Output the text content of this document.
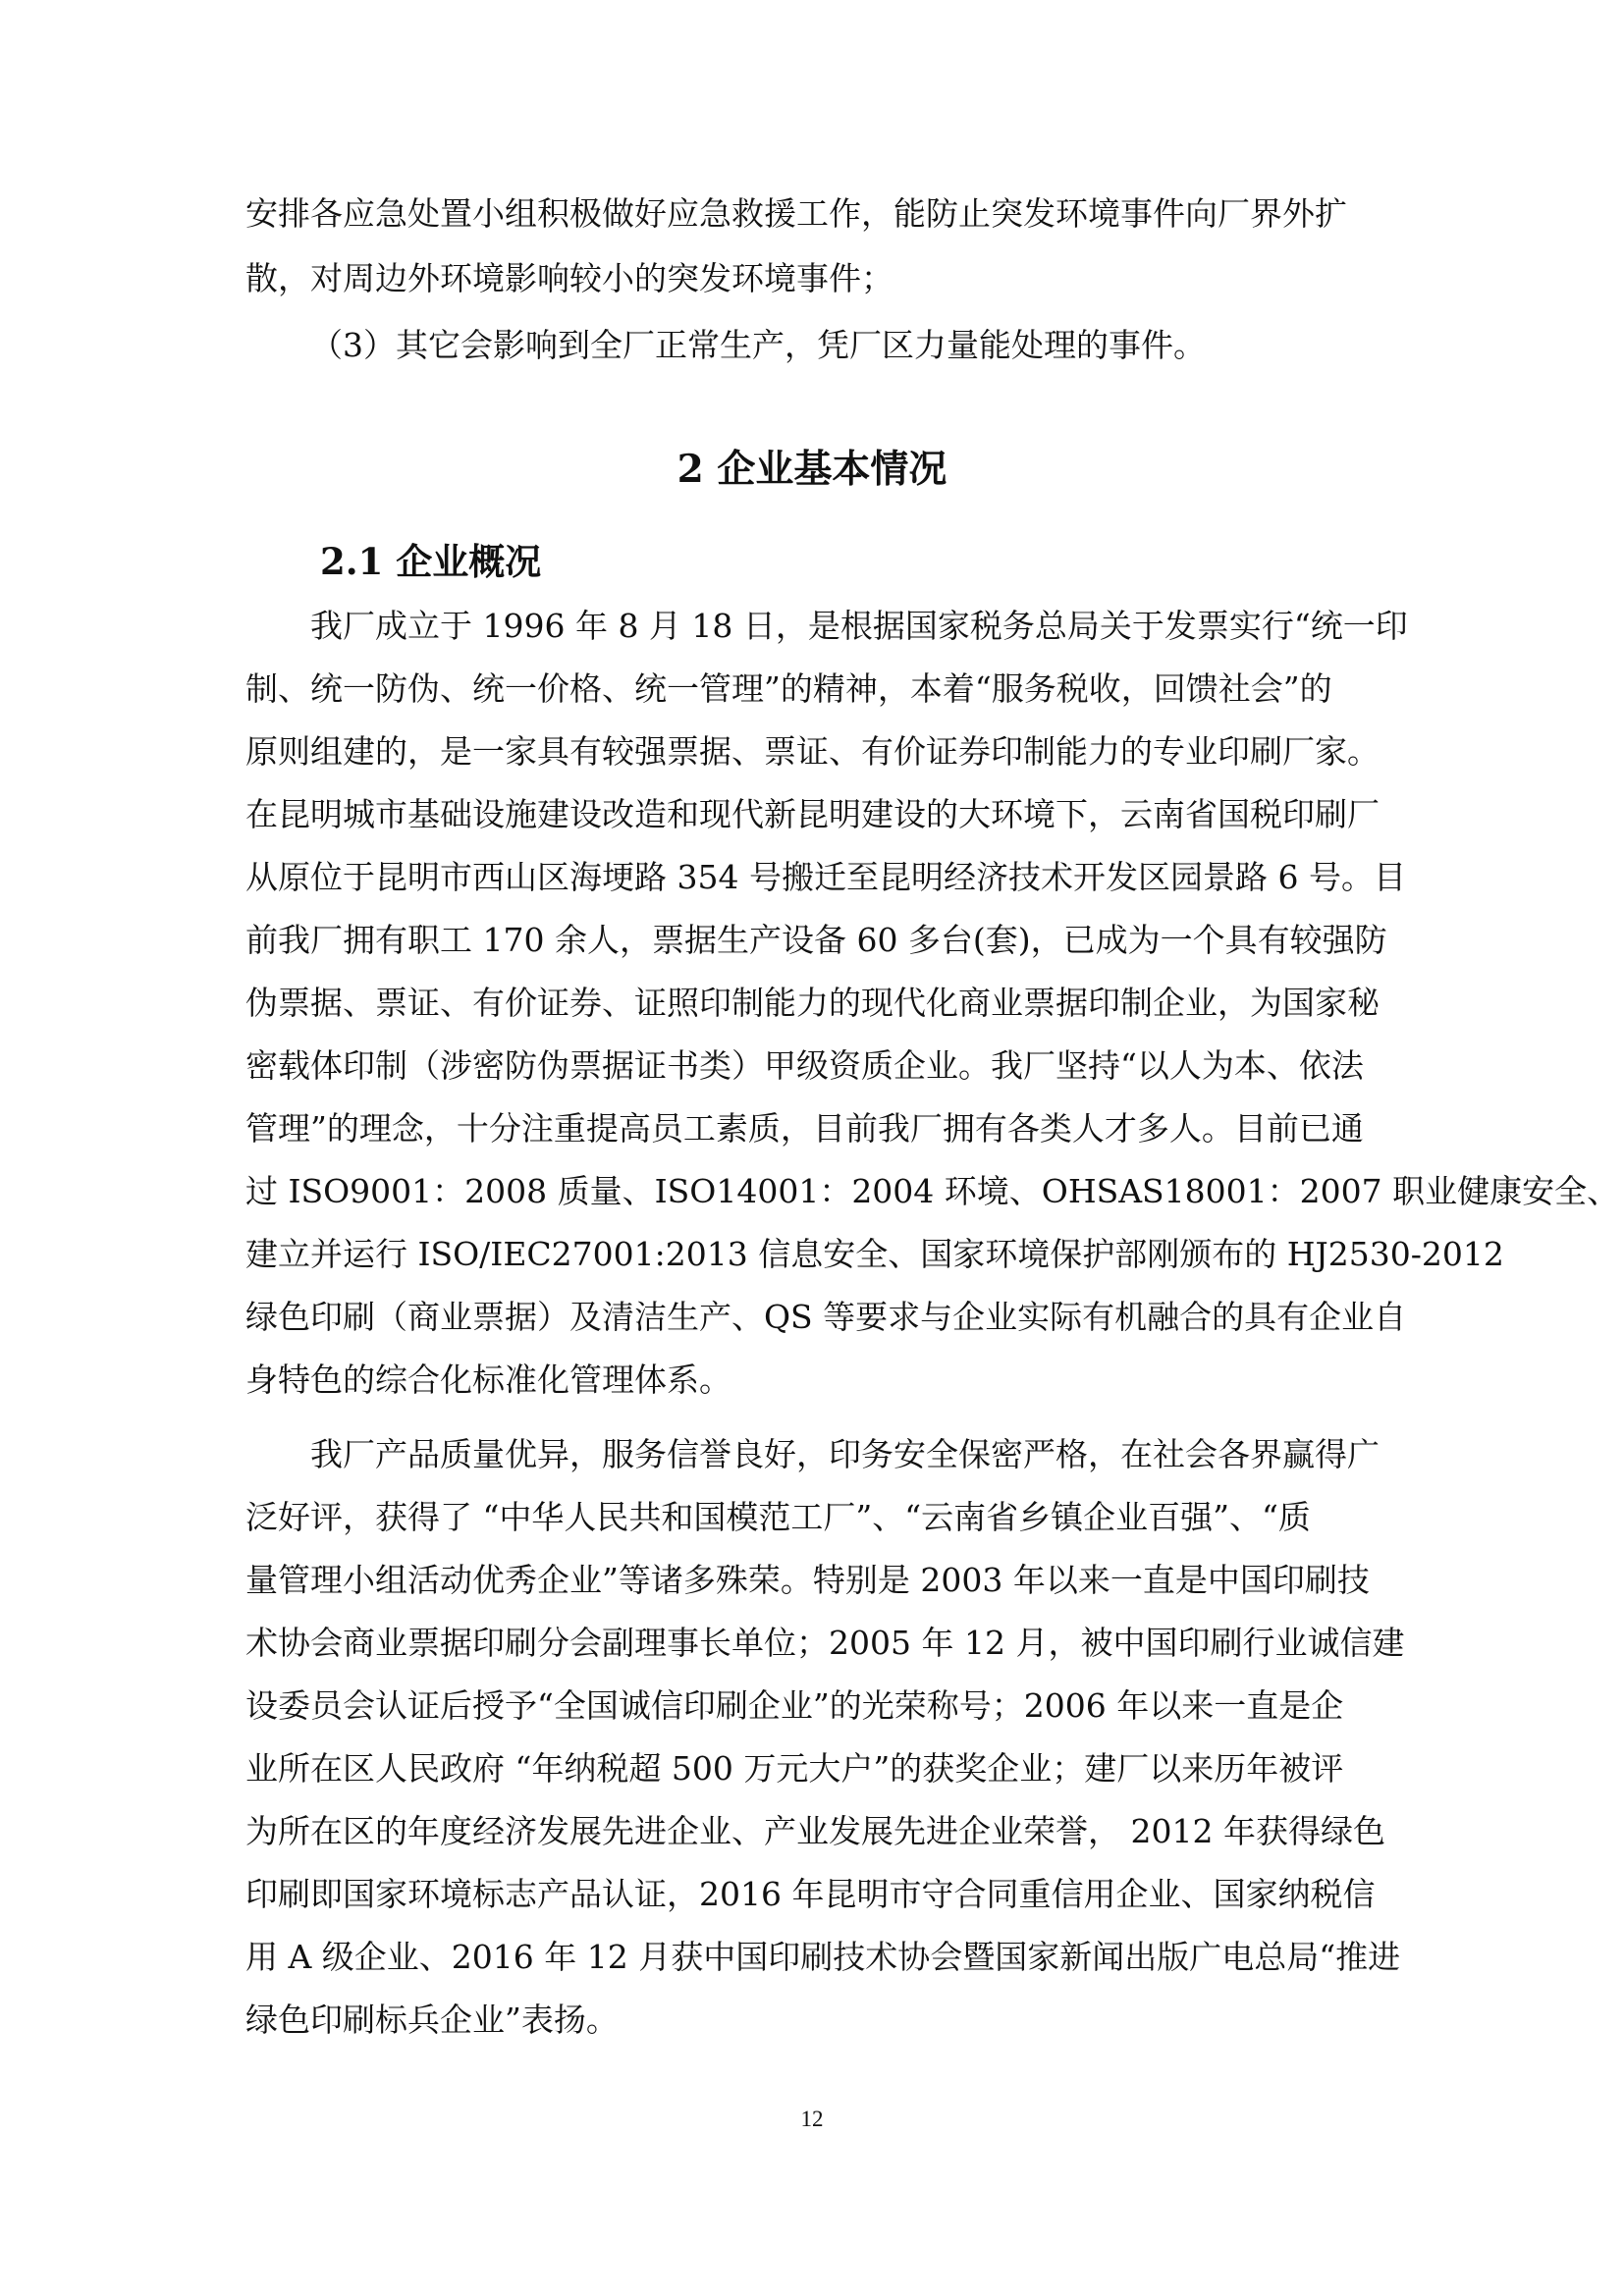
安排各应急处置小组积极做好应急救援工作，能防止突发环境事件向厂界外扩
散，对周边外环境影响较小的突发环境事件；
（3）其它会影响到全厂正常生产，凭厂区力量能处理的事件。
2 企业基本情况
2.1 企业概况
我厂成立于 1996 年 8 月 18 日，是根据国家税务总局关于发票实行“统一印
制、统一防伪、统一价格、统一管理”的精神，本着“服务税收，回馈社会”的
原则组建的，是一家具有较强票据、票证、有价证券印制能力的专业印刷厂家。
在昆明城市基础设施建设改造和现代新昆明建设的大环境下，云南省国税印刷厂
从原位于昆明市西山区海埂路 354 号搬迁至昆明经济技术开发区园景路 6 号。目
前我厂拥有职工 170 余人，票据生产设备 60 多台(套)，已成为一个具有较强防
伪票据、票证、有价证券、证照印制能力的现代化商业票据印制企业，为国家秘
密载体印制（涉密防伪票据证书类）甲级资质企业。我厂坚持“以人为本、依法
管理”的理念，十分注重提高员工素质，目前我厂拥有各类人才多人。目前已通
过 ISO9001：2008 质量、ISO14001：2004 环境、OHSAS18001：2007 职业健康安全、
建立并运行 ISO/IEC27001:2013 信息安全、国家环境保护部刚颁布的 HJ2530-2012
绿色印刷（商业票据）及清洁生产、QS 等要求与企业实际有机融合的具有企业自
身特色的综合化标准化管理体系。
我厂产品质量优异，服务信誉良好，印务安全保密严格，在社会各界赢得广
泛好评，获得了 “中华人民共和国模范工厂”、“云南省乡镇企业百强”、“质
量管理小组活动优秀企业”等诸多殊荣。特别是 2003 年以来一直是中国印刷技
术协会商业票据印刷分会副理事长单位；2005 年 12 月，被中国印刷行业诚信建
设委员会认证后授予“全国诚信印刷企业”的光荣称号；2006 年以来一直是企
业所在区人民政府 “年纳税超 500 万元大户”的获奖企业；建厂以来历年被评
为所在区的年度经济发展先进企业、产业发展先进企业荣誉， 2012 年获得绿色
印刷即国家环境标志产品认证，2016 年昆明市守合同重信用企业、国家纳税信
用 A 级企业、2016 年 12 月获中国印刷技术协会暨国家新闻出版广电总局“推进
绿色印刷标兵企业”表扬。
12
